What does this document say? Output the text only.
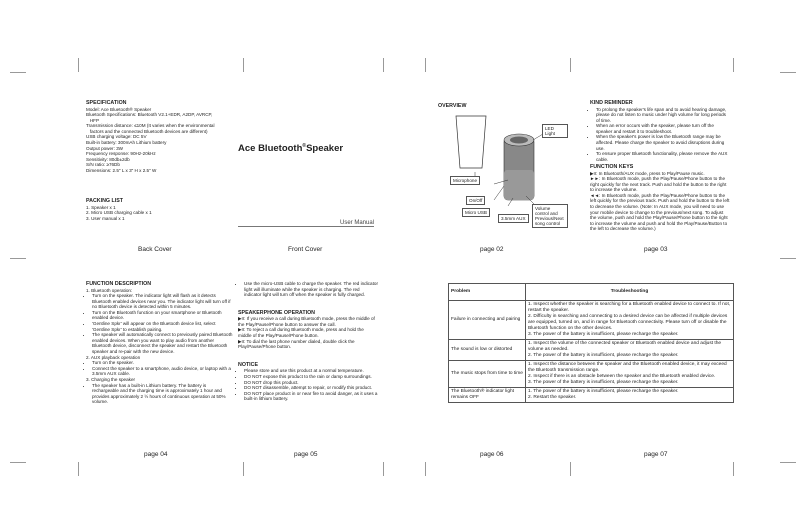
SPECIFICATION
Model: Ace Bluetooth® Speaker
Bluetooth Specifications: Bluetooth V2.1+EDR, A2DP, AVRCP,
HFP
Transmission distance: ≤10M (It varies when the environmental
factors and the connected Bluetooth devices are different)
USB charging voltage: DC 5V
Built-in battery: 300mAh Lithium battery
Output power: 3W
Frequency response: 90Hz-20kHz
Sensitivity: 80db±2db
S/N ratio: ≥76Db
Dimensions: 2.5" L x 3" H x 2.5" W
PACKING LIST
1. Speaker x 1
2. Micro USB charging cable x 1
3. User manual x 1
Ace Bluetooth®Speaker
User Manual
OVERVIEW
LED Light
Microphone
On/Off
Micro USB
3.5mm AUX
Volume control and Previous/Next song control
KIND REMINDER
• To prolong the speaker's life span and to avoid hearing damage, please do not listen to music under high volume for long periods of time.
• When an error occurs with the speaker, please turn off the speaker and restart it to troubleshoot.
• When the speaker's power is low the Bluetooth range may be affected. Please charge the speaker to avoid disruptions during use.
• To ensure proper Bluetooth functionality, please remove the AUX cable.
FUNCTION KEYS
▶II: In Bluetooth/AUX mode, press to Play/Pause music.
►►: In Bluetooth mode, push the Play/Pause/Phone button to the right quickly for the next track. Push and hold the button to the right to increase the volume.
◄◄: In Bluetooth mode, push the Play/Pause/Phone button to the left quickly for the previous track. Push and hold the button to the left to decrease the volume. (Note: In AUX mode, you will need to use your mobile device to change to the previous/next song. To adjust the volume, push and hold the Play/Pause/Phone button to the right to increase the volume and push and hold the Play/Pause/Button to the left to decrease the volume.)
FUNCTION DESCRIPTION
1. Bluetooth operation:
• Turn on the speaker. The indicator light will flash as it detects Bluetooth enabled devices near you. The indicator light will turn off if no Bluetooth device is detected within 5 minutes.
• Turn on the Bluetooth function on your smartphone or Bluetooth enabled device.
• 'Gentline Spkr' will appear on the Bluetooth device list, select 'Gentline Spkr' to establish pairing.
• The speaker will automatically connect to previously paired Bluetooth enabled devices. When you want to play audio from another Bluetooth device, disconnect the speaker and restart the Bluetooth speaker and re-pair with the new device.
2. AUX playback operation
• Turn on the speaker.
• Connect the speaker to a smartphone, audio device, or laptop with a 3.5mm AUX cable.
3. Charging the speaker
• The speaker has a built-in Lithium battery. The battery is rechargeable and the charging time is approximately 1 hour and provides approximately 2 ½ hours of continuous operation at 50% volume.
• Use the micro-USB cable to charge the speaker. The red indicator light will illuminate while the speaker is charging. The red indicator light will turn off when the speaker is fully charged.
SPEAKERPHONE OPERATION
▶II: If you receive a call during Bluetooth mode, press the middle of the Play/Pause/Phone button to answer the call.
▶II: To reject a call during Bluetooth mode, press and hold the middle of the Play/Pause/Phone button.
▶II: To dial the last phone number dialed, double click the Play/Pause/Phone button.
NOTICE
• Please store and use this product at a normal temperature.
• DO NOT expose this product to the rain or damp surroundings.
• DO NOT drop this product.
• DO NOT disassemble, attempt to repair, or modify this product.
• DO NOT place product in or near fire to avoid danger, as it uses a built-in lithium battery.
Problem	Troubleshooting
Failure in connecting and pairing	1. Inspect whether the speaker is searching for a Bluetooth enabled device to connect to. If not, restart the speaker.
2. Difficulty in searching and connecting to a desired device can be affected if multiple devices are equipped, turned on, and in range for Bluetooth connectivity. Please turn off or disable the Bluetooth function on the other devices.
3. The power of the battery is insufficient, please recharge the speaker.

The sound is low or distorted	1. Inspect the volume of the connected speaker or Bluetooth enabled device and adjust the volume as needed.
2. The power of the battery is insufficient, please recharge the speaker.

The music stops from time to time	1. Inspect the distance between the speaker and the Bluetooth enabled device, it may exceed the Bluetooth transmission range.
2. Inspect if there is an obstacle between the speaker and the Bluetooth enabled device.
3. The power of the battery is insufficient, please recharge the speaker.

The Bluetooth® indicator light remains OFF	1. The power of the battery is insufficient, please recharge the speaker.
2. Restart the speaker.
Back Cover	Front Cover	page 02	page 03
page 04	page 05	page 06	page 07
